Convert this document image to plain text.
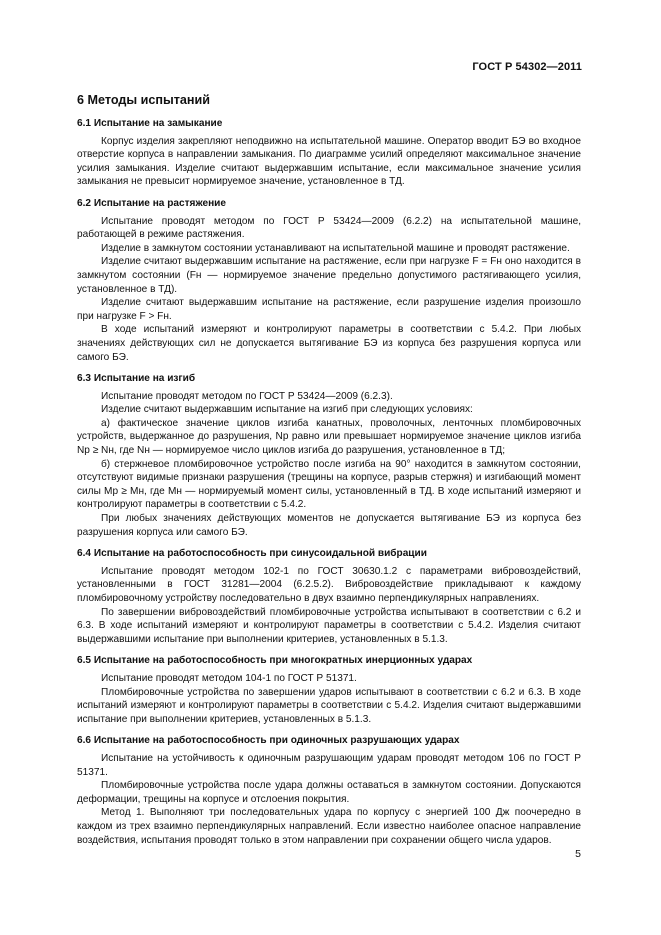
ГОСТ Р 54302—2011
6 Методы испытаний
6.1 Испытание на замыкание

Корпус изделия закрепляют неподвижно на испытательной машине. Оператор вводит БЭ во входное отверстие корпуса в направлении замыкания. По диаграмме усилий определяют максимальное значение усилия замыкания. Изделие считают выдержавшим испытание, если максимальное значение усилия замыкания не превысит нормируемое значение, установленное в ТД.

6.2 Испытание на растяжение

Испытание проводят методом по ГОСТ Р 53424—2009 (6.2.2) на испытательной машине, работающей в режиме растяжения.

Изделие в замкнутом состоянии устанавливают на испытательной машине и проводят растяжение.

Изделие считают выдержавшим испытание на растяжение, если при нагрузке F = Fн оно находится в замкнутом состоянии (Fн — нормируемое значение предельно допустимого растягивающего усилия, установленное в ТД).

Изделие считают выдержавшим испытание на растяжение, если разрушение изделия произошло при нагрузке F > Fн.

В ходе испытаний измеряют и контролируют параметры в соответствии с 5.4.2. При любых значениях действующих сил не допускается вытягивание БЭ из корпуса без разрушения корпуса или самого БЭ.

6.3 Испытание на изгиб

Испытание проводят методом по ГОСТ Р 53424—2009 (6.2.3).

Изделие считают выдержавшим испытание на изгиб при следующих условиях:

а) фактическое значение циклов изгиба канатных, проволочных, ленточных пломбировочных устройств, выдержанное до разрушения, Nр равно или превышает нормируемое значение циклов изгиба Nр ≥ Nн, где Nн — нормируемое число циклов изгиба до разрушения, установленное в ТД;

б) стержневое пломбировочное устройство после изгиба на 90° находится в замкнутом состоянии, отсутствуют видимые признаки разрушения (трещины на корпусе, разрыв стержня) и изгибающий момент силы Mр ≥ Mн, где Mн — нормируемый момент силы, установленный в ТД. В ходе испытаний измеряют и контролируют параметры в соответствии с 5.4.2.

При любых значениях действующих моментов не допускается вытягивание БЭ из корпуса без разрушения корпуса или самого БЭ.

6.4 Испытание на работоспособность при синусоидальной вибрации

Испытание проводят методом 102-1 по ГОСТ 30630.1.2 с параметрами вибровоздействий, установленными в ГОСТ 31281—2004 (6.2.5.2). Вибровоздействие прикладывают к каждому пломбировочному устройству последовательно в двух взаимно перпендикулярных направлениях.

По завершении вибровоздействий пломбировочные устройства испытывают в соответствии с 6.2 и 6.3. В ходе испытаний измеряют и контролируют параметры в соответствии с 5.4.2. Изделия считают выдержавшими испытание при выполнении критериев, установленных в 5.1.3.

6.5 Испытание на работоспособность при многократных инерционных ударах

Испытание проводят методом 104-1 по ГОСТ Р 51371.

Пломбировочные устройства по завершении ударов испытывают в соответствии с 6.2 и 6.3. В ходе испытаний измеряют и контролируют параметры в соответствии с 5.4.2. Изделия считают выдержавшими испытание при выполнении критериев, установленных в 5.1.3.

6.6 Испытание на работоспособность при одиночных разрушающих ударах

Испытание на устойчивость к одиночным разрушающим ударам проводят методом 106 по ГОСТ Р 51371.

Пломбировочные устройства после удара должны оставаться в замкнутом состоянии. Допускаются деформации, трещины на корпусе и отслоения покрытия.

Метод 1. Выполняют три последовательных удара по корпусу с энергией 100 Дж поочередно в каждом из трех взаимно перпендикулярных направлений. Если известно наиболее опасное направление воздействия, испытания проводят только в этом направлении при сохранении общего числа ударов.

5
